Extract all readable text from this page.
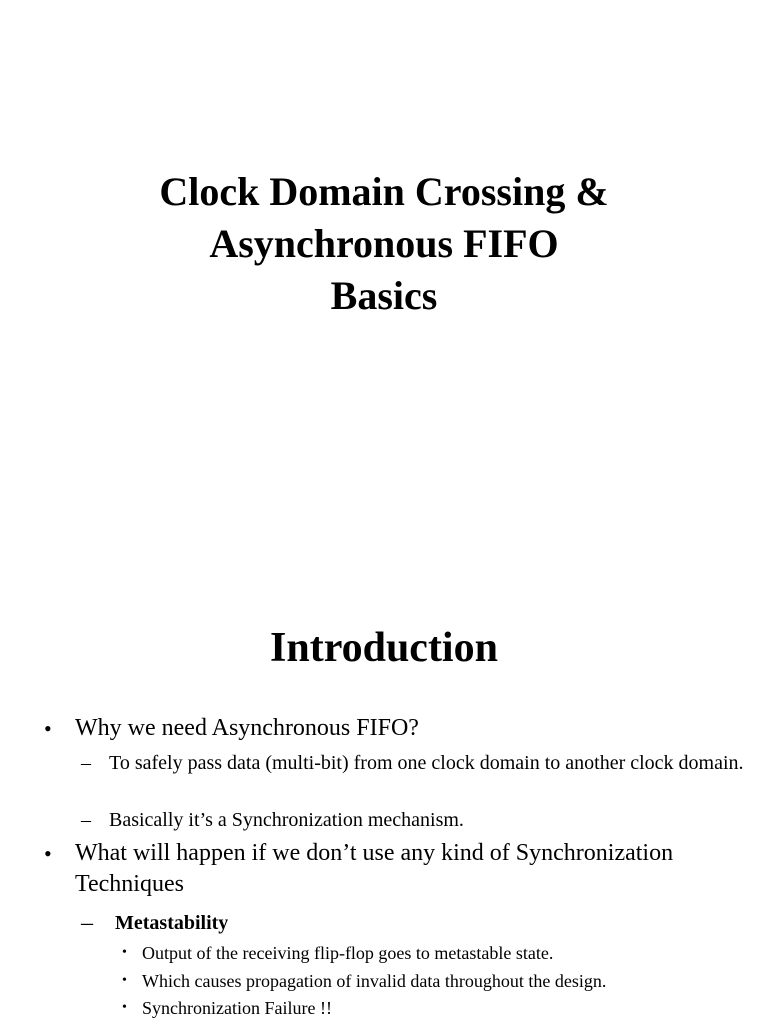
Clock Domain Crossing &
Asynchronous FIFO
Basics
Introduction
• Why we need Asynchronous FIFO?
– To safely pass data (multi-bit) from one clock domain to another clock domain.
– Basically it’s a Synchronization mechanism.
• What will happen if we don’t use any kind of Synchronization Techniques
– Metastability
• Output of the receiving flip-flop goes to metastable state.
• Which causes propagation of invalid data throughout the design.
• Synchronization Failure !!
